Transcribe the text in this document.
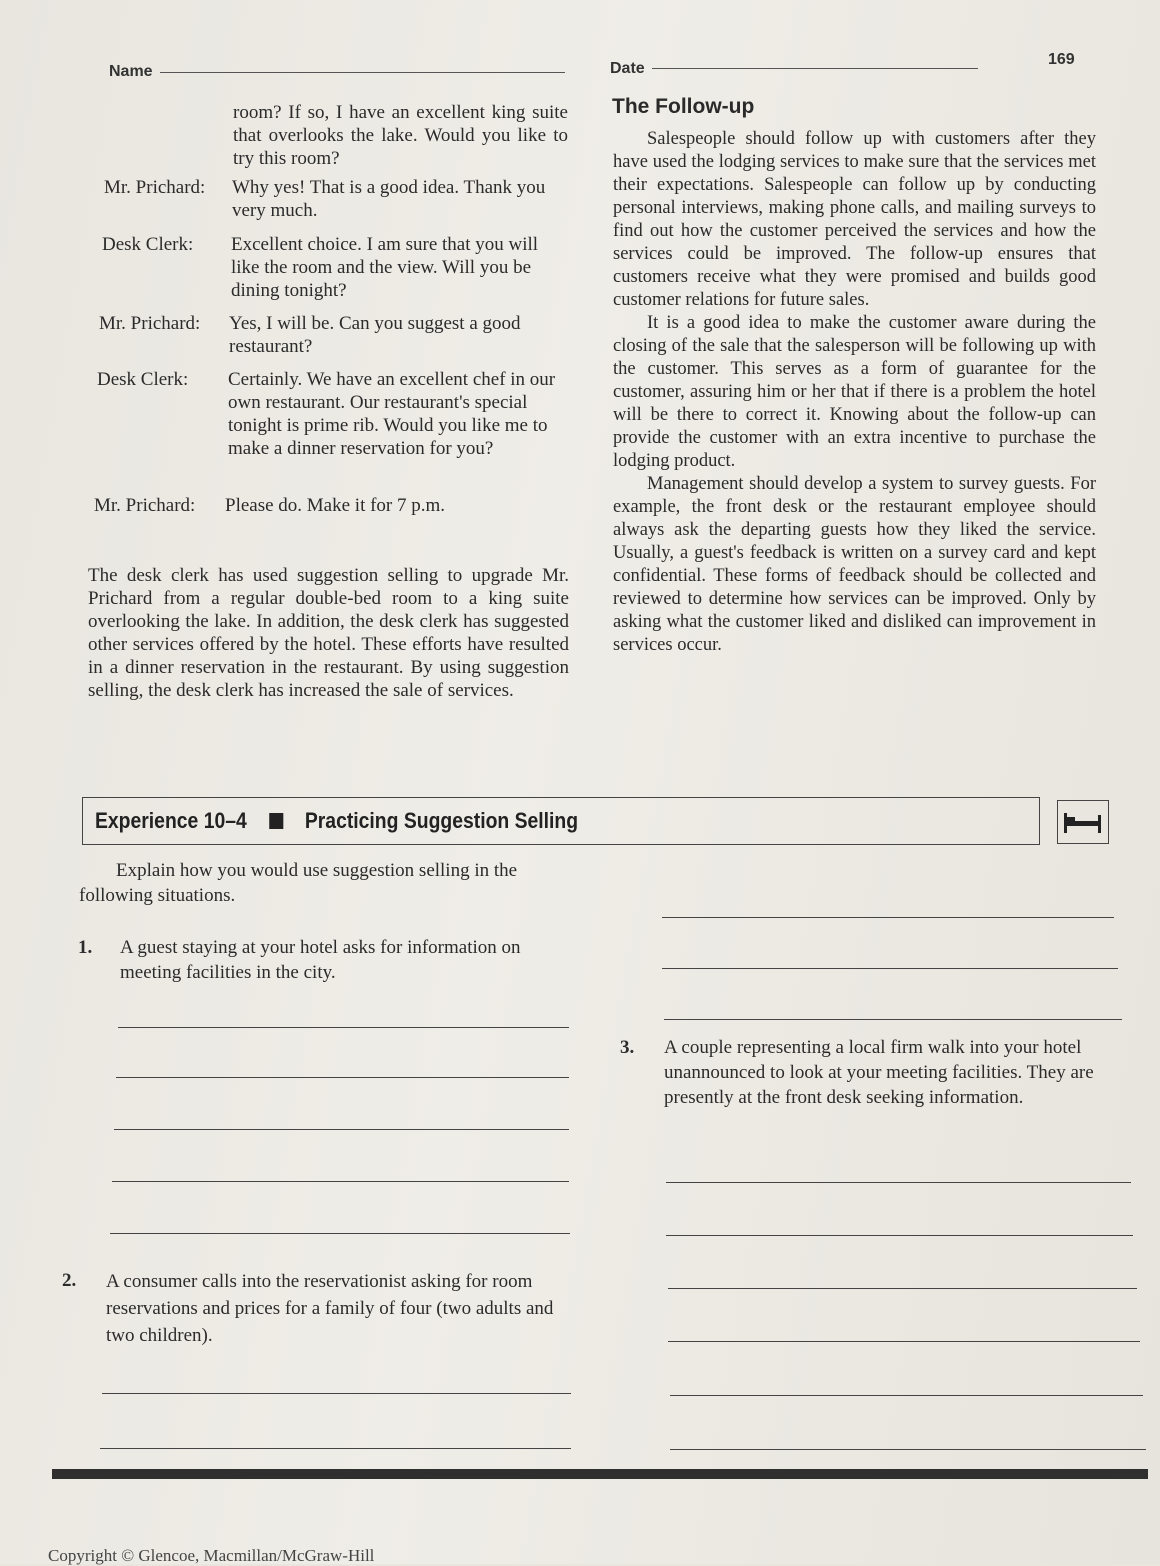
Name	Date
169
room? If so, I have an excellent king suite that overlooks the lake. Would you like to try this room?
Mr. Prichard: Why yes! That is a good idea. Thank you very much.
Desk Clerk: Excellent choice. I am sure that you will like the room and the view. Will you be dining tonight?
Mr. Prichard: Yes, I will be. Can you suggest a good restaurant?
Desk Clerk: Certainly. We have an excellent chef in our own restaurant. Our restaurant's special tonight is prime rib. Would you like me to make a dinner reservation for you?
Mr. Prichard: Please do. Make it for 7 p.m.
The desk clerk has used suggestion selling to upgrade Mr. Prichard from a regular double-bed room to a king suite overlooking the lake. In addition, the desk clerk has suggested other services offered by the hotel. These efforts have resulted in a dinner reservation in the restaurant. By using suggestion selling, the desk clerk has increased the sale of services.
The Follow-up

Salespeople should follow up with customers after they have used the lodging services to make sure that the services met their expectations. Salespeople can follow up by conducting personal interviews, making phone calls, and mailing surveys to find out how the customer perceived the services and how the services could be improved. The follow-up ensures that customers receive what they were promised and builds good customer relations for future sales.

It is a good idea to make the customer aware during the closing of the sale that the salesperson will be following up with the customer. This serves as a form of guarantee for the customer, assuring him or her that if there is a problem the hotel will be there to correct it. Knowing about the follow-up can provide the customer with an extra incentive to purchase the lodging product.

Management should develop a system to survey guests. For example, the front desk or the restaurant employee should always ask the departing guests how they liked the service. Usually, a guest's feedback is written on a survey card and kept confidential. These forms of feedback should be collected and reviewed to determine how services can be improved. Only by asking what the customer liked and disliked can improvement in services occur.

Experience 10–4	Practicing Suggestion Selling
Explain how you would use suggestion selling in the following situations.
1. A guest staying at your hotel asks for information on meeting facilities in the city.
2. A consumer calls into the reservationist asking for room reservations and prices for a family of four (two adults and two children).
3. A couple representing a local firm walk into your hotel unannounced to look at your meeting facilities. They are presently at the front desk seeking information.
Copyright © Glencoe, Macmillan/McGraw-Hill
